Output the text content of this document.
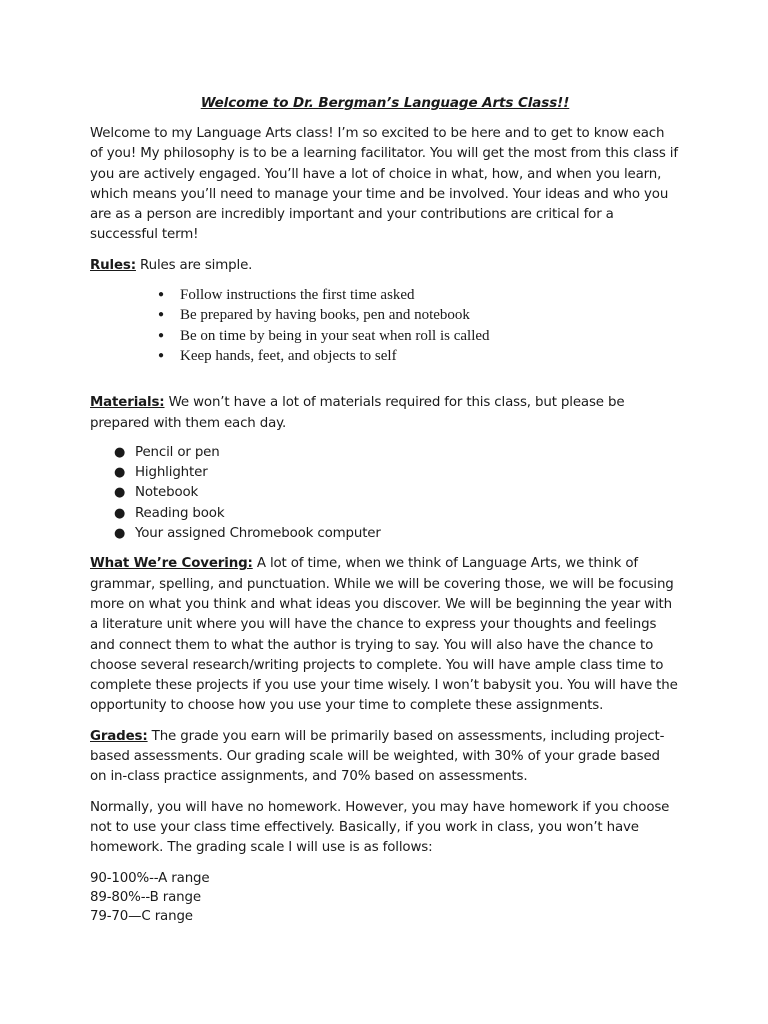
Welcome to Dr. Bergman’s Language Arts Class!!

Welcome to my Language Arts class! I’m so excited to be here and to get to know each of you! My philosophy is to be a learning facilitator. You will get the most from this class if you are actively engaged. You’ll have a lot of choice in what, how, and when you learn, which means you’ll need to manage your time and be involved. Your ideas and who you are as a person are incredibly important and your contributions are critical for a successful term!

Rules: Rules are simple.

● Follow instructions the first time asked
● Be prepared by having books, pen and notebook
● Be on time by being in your seat when roll is called
● Keep hands, feet, and objects to self

Materials: We won’t have a lot of materials required for this class, but please be prepared with them each day.

● Pencil or pen
● Highlighter
● Notebook
● Reading book
● Your assigned Chromebook computer

What We’re Covering: A lot of time, when we think of Language Arts, we think of grammar, spelling, and punctuation. While we will be covering those, we will be focusing more on what you think and what ideas you discover. We will be beginning the year with a literature unit where you will have the chance to express your thoughts and feelings and connect them to what the author is trying to say. You will also have the chance to choose several research/writing projects to complete. You will have ample class time to complete these projects if you use your time wisely. I won’t babysit you. You will have the opportunity to choose how you use your time to complete these assignments.

Grades: The grade you earn will be primarily based on assessments, including project-based assessments. Our grading scale will be weighted, with 30% of your grade based on in-class practice assignments, and 70% based on assessments.

Normally, you will have no homework. However, you may have homework if you choose not to use your class time effectively. Basically, if you work in class, you won’t have homework. The grading scale I will use is as follows:

90-100%--A range

89-80%--B range

79-70—C range
